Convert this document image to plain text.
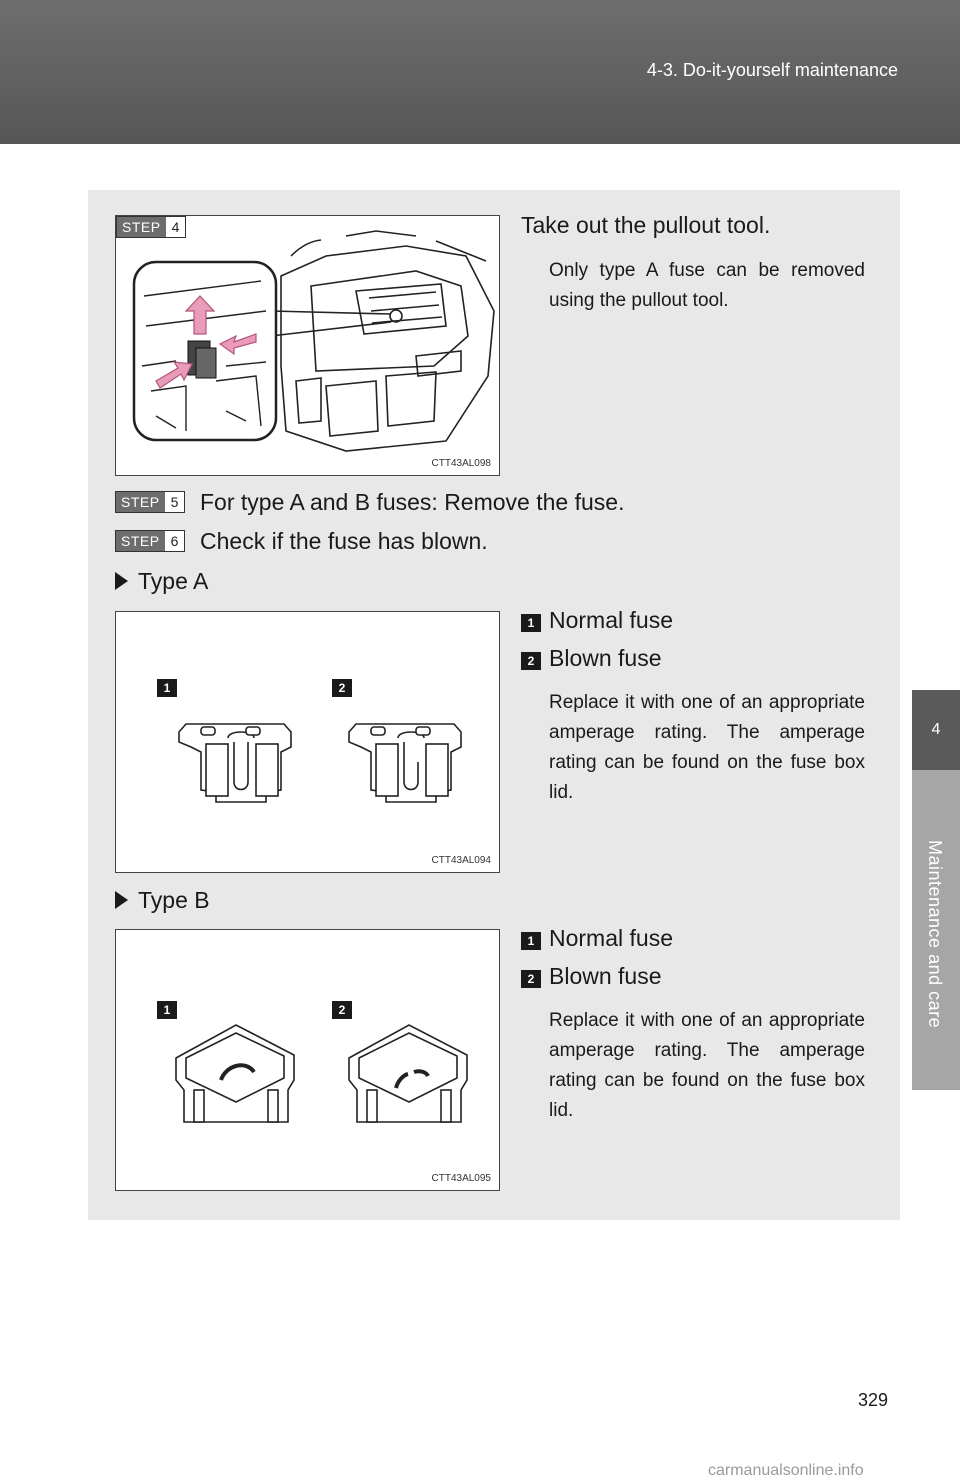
4-3. Do-it-yourself maintenance
4
Maintenance and care
STEP 4
CTT43AL098
Take out the pullout tool.
Only type A fuse can be removed using the pullout tool.
STEP 5 For type A and B fuses: Remove the fuse.
STEP 6 Check if the fuse has blown.
Type A
1	2
CTT43AL094
1 Normal fuse
2 Blown fuse
Replace it with one of an appropriate amperage rating. The amperage rating can be found on the fuse box lid.
Type B
1	2
CTT43AL095
1 Normal fuse
2 Blown fuse
Replace it with one of an appropriate amperage rating. The amperage rating can be found on the fuse box lid.
329
carmanualsonline.info
